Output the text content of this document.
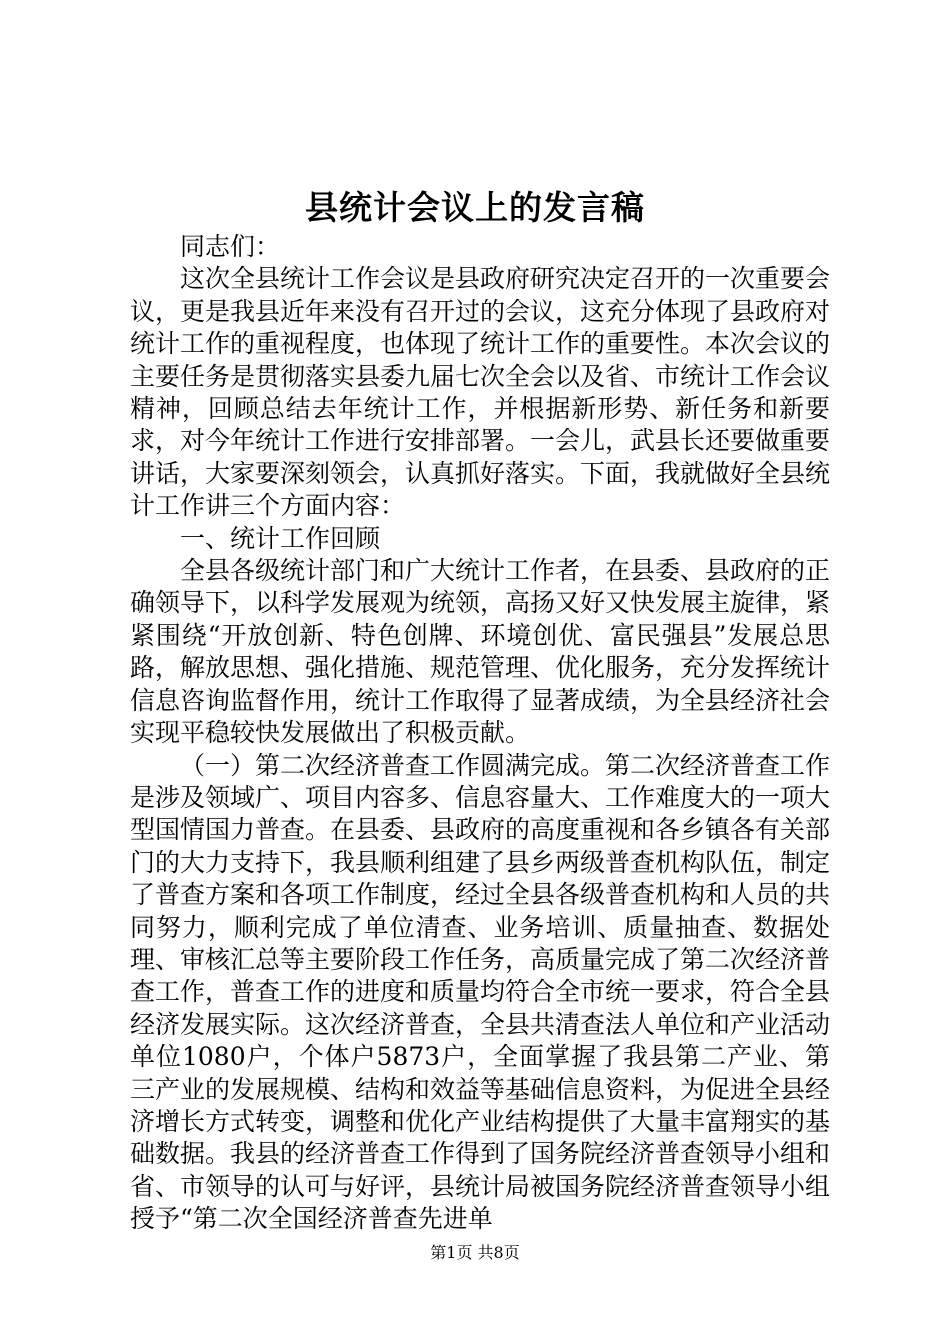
县统计会议上的发言稿

同志们：

这次全县统计工作会议是县政府研究决定召开的一次重要会议，更是我县近年来没有召开过的会议，这充分体现了县政府对统计工作的重视程度，也体现了统计工作的重要性。本次会议的主要任务是贯彻落实县委九届七次全会以及省、市统计工作会议精神，回顾总结去年统计工作，并根据新形势、新任务和新要求，对今年统计工作进行安排部署。一会儿，武县长还要做重要讲话，大家要深刻领会，认真抓好落实。下面，我就做好全县统计工作讲三个方面内容：

一、统计工作回顾

全县各级统计部门和广大统计工作者，在县委、县政府的正确领导下，以科学发展观为统领，高扬又好又快发展主旋律，紧紧围绕“开放创新、特色创牌、环境创优、富民强县”发展总思路，解放思想、强化措施、规范管理、优化服务，充分发挥统计信息咨询监督作用，统计工作取得了显著成绩，为全县经济社会实现平稳较快发展做出了积极贡献。

（一）第二次经济普查工作圆满完成。第二次经济普查工作是涉及领域广、项目内容多、信息容量大、工作难度大的一项大型国情国力普查。在县委、县政府的高度重视和各乡镇各有关部门的大力支持下，我县顺利组建了县乡两级普查机构队伍，制定了普查方案和各项工作制度，经过全县各级普查机构和人员的共同努力，顺利完成了单位清查、业务培训、质量抽查、数据处理、审核汇总等主要阶段工作任务，高质量完成了第二次经济普查工作，普查工作的进度和质量均符合全市统一要求，符合全县经济发展实际。这次经济普查，全县共清查法人单位和产业活动单位1080户，个体户5873户，全面掌握了我县第二产业、第三产业的发展规模、结构和效益等基础信息资料，为促进全县经济增长方式转变，调整和优化产业结构提供了大量丰富翔实的基础数据。我县的经济普查工作得到了国务院经济普查领导小组和省、市领导的认可与好评，县统计局被国务院经济普查领导小组授予“第二次全国经济普查先进单

第1页 共8页
